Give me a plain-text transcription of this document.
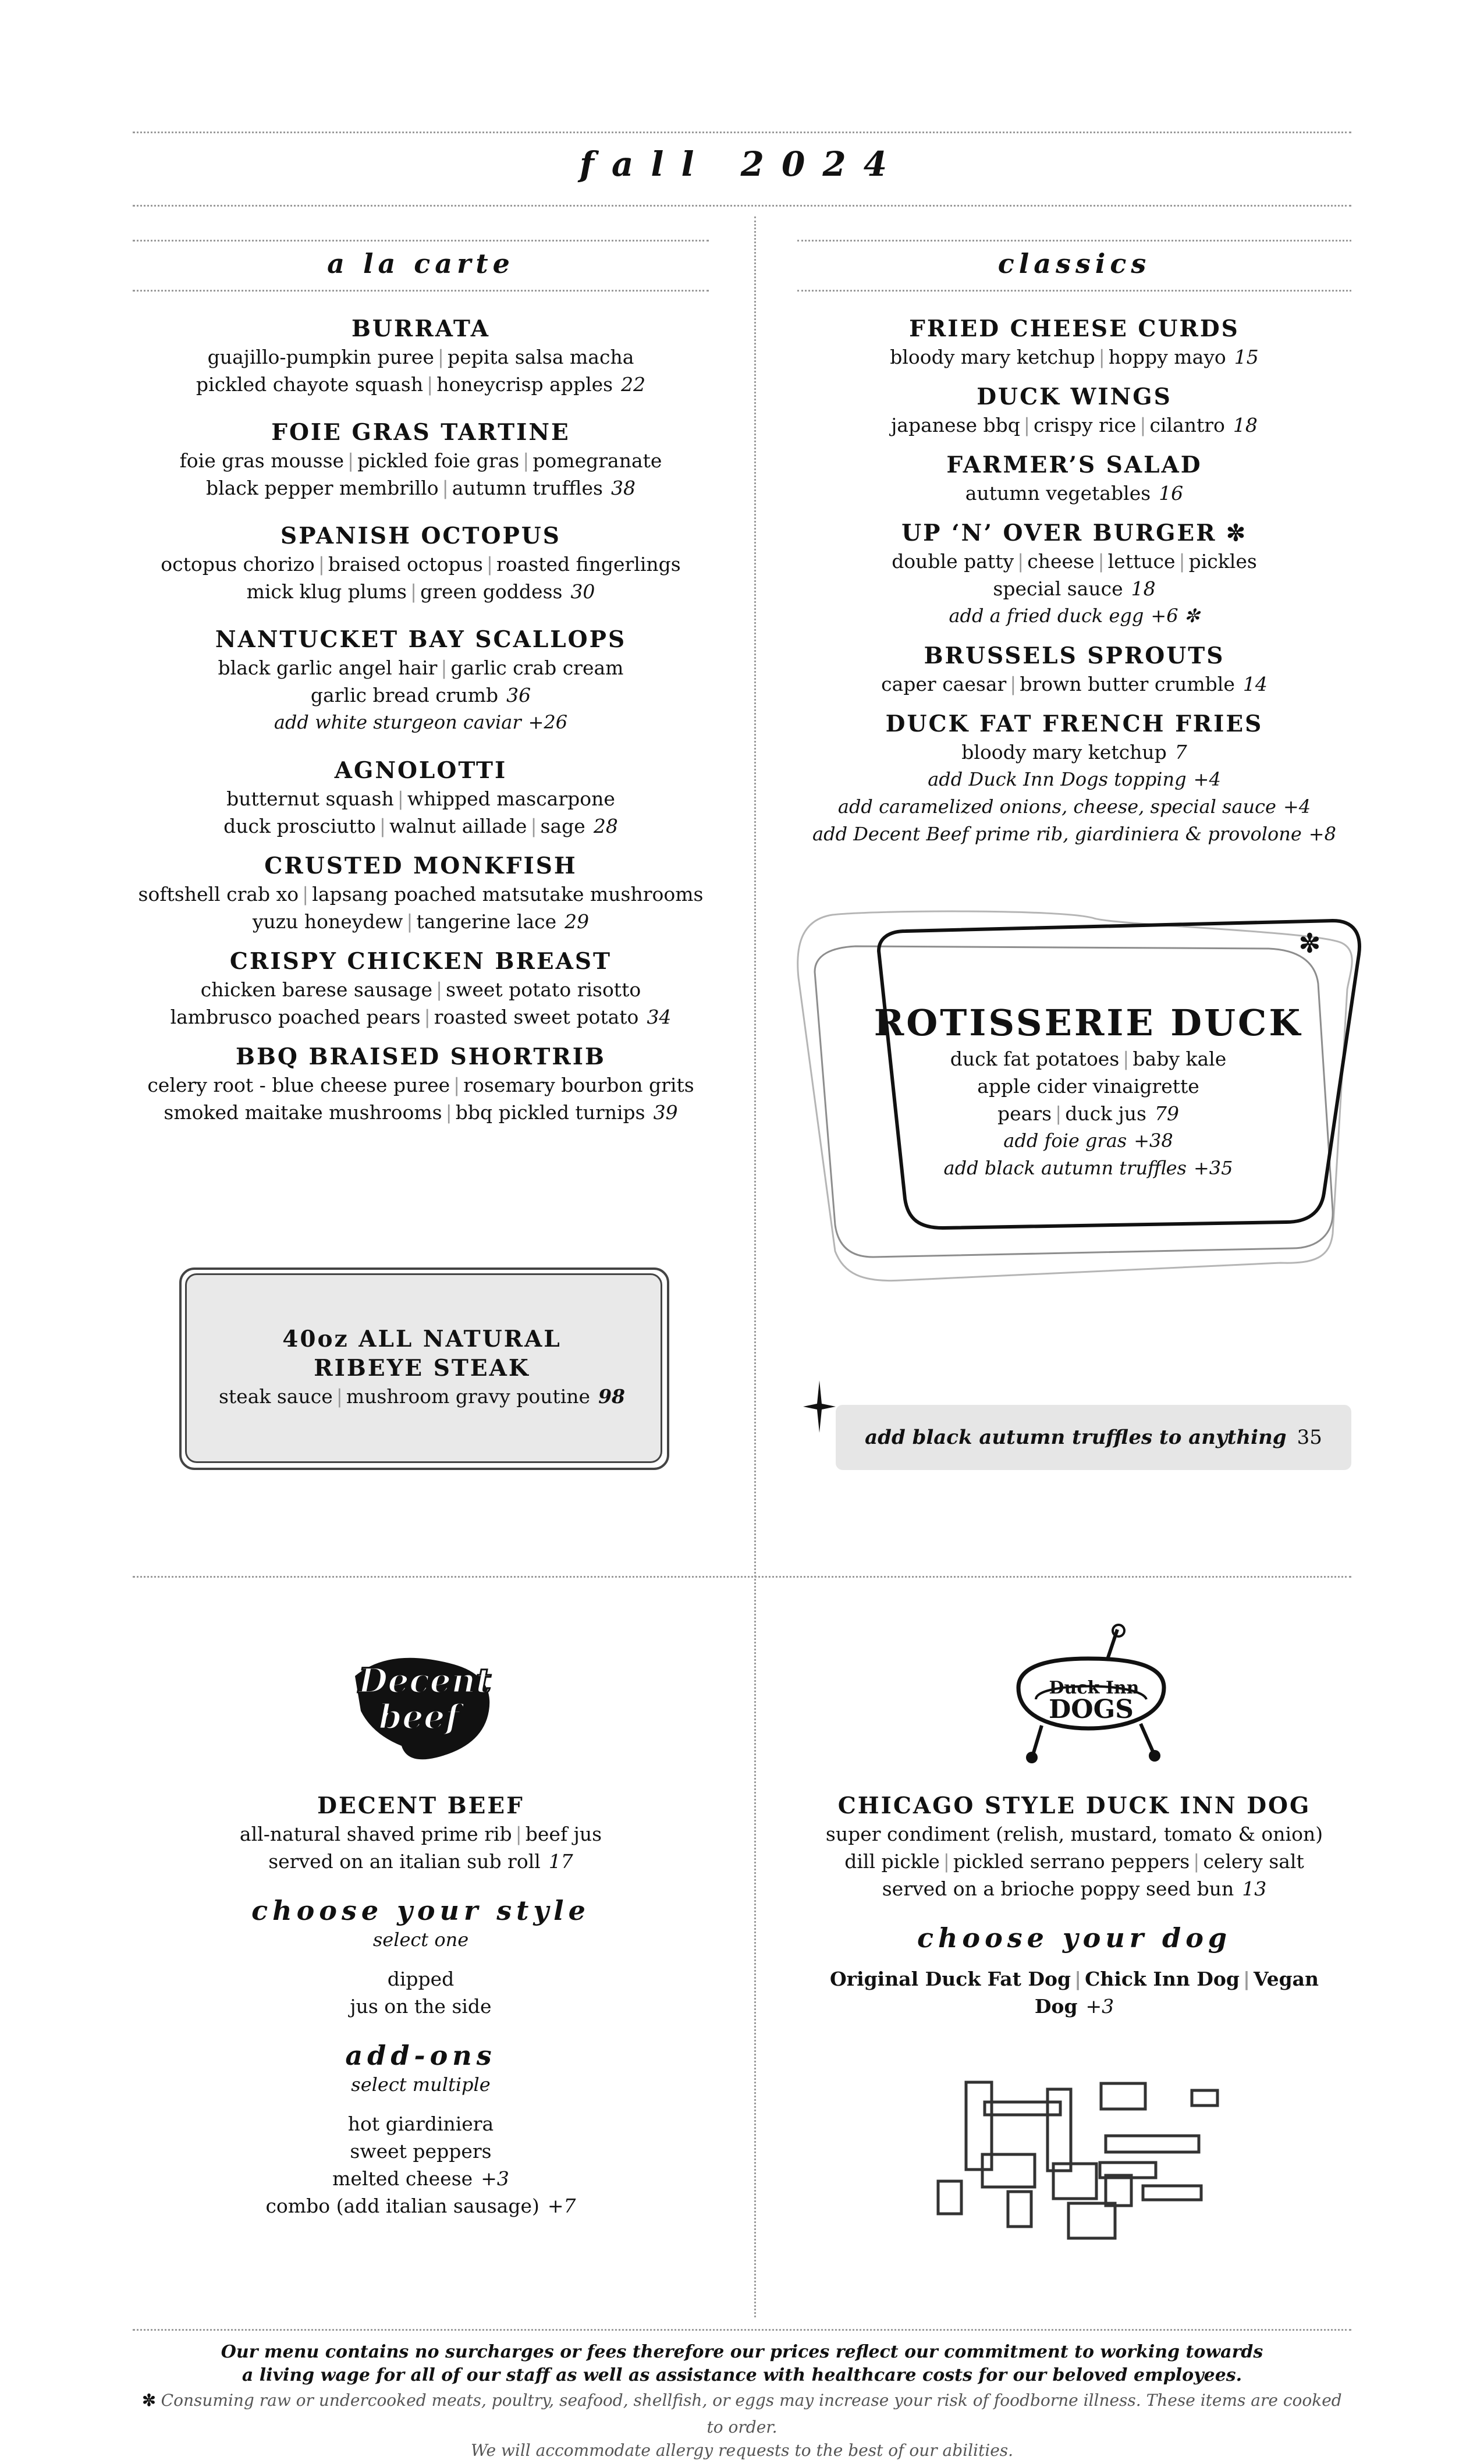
fall 2024
a la carte	classics
BURRATA
guajillo-pumpkin puree | pepita salsa macha
pickled chayote squash | honeycrisp apples 22
FOIE GRAS TARTINE
foie gras mousse | pickled foie gras | pomegranate
black pepper membrillo | autumn truffles 38
SPANISH OCTOPUS
octopus chorizo | braised octopus | roasted fingerlings
mick klug plums | green goddess 30
NANTUCKET BAY SCALLOPS
black garlic angel hair | garlic crab cream
garlic bread crumb 36
add white sturgeon caviar +26
AGNOLOTTI
butternut squash | whipped mascarpone
duck prosciutto | walnut aillade | sage 28
CRUSTED MONKFISH
softshell crab xo | lapsang poached matsutake mushrooms
yuzu honeydew | tangerine lace 29
CRISPY CHICKEN BREAST
chicken barese sausage | sweet potato risotto
lambrusco poached pears | roasted sweet potato 34
BBQ BRAISED SHORTRIB
celery root - blue cheese puree | rosemary bourbon grits
smoked maitake mushrooms | bbq pickled turnips 39
FRIED CHEESE CURDS
bloody mary ketchup | hoppy mayo 15
DUCK WINGS
japanese bbq | crispy rice | cilantro 18
FARMER’S SALAD
autumn vegetables 16
UP ‘N’ OVER BURGER ✼
double patty | cheese | lettuce | pickles
special sauce 18
add a fried duck egg +6 ✼
BRUSSELS SPROUTS
caper caesar | brown butter crumble 14
DUCK FAT FRENCH FRIES
bloody mary ketchup 7
add Duck Inn Dogs topping +4
add caramelized onions, cheese, special sauce +4
add Decent Beef prime rib, giardiniera & provolone +8
✼
ROTISSERIE DUCK
duck fat potatoes | baby kale
apple cider vinaigrette
pears | duck jus 79
add foie gras +38
add black autumn truffles +35
40oz ALL NATURAL
RIBEYE STEAK
steak sauce | mushroom gravy poutine 98
add black autumn truffles to anything 35
Decent
beef
Duck Inn
DOGS
DECENT BEEF
all-natural shaved prime rib | beef jus
served on an italian sub roll 17
choose your style
select one
dipped
jus on the side
add-ons
select multiple
hot giardiniera
sweet peppers
melted cheese +3
combo (add italian sausage) +7
CHICAGO STYLE DUCK INN DOG
super condiment (relish, mustard, tomato & onion)
dill pickle | pickled serrano peppers | celery salt
served on a brioche poppy seed bun 13
choose your dog
Original Duck Fat Dog | Chick Inn Dog | Vegan Dog +3
Our menu contains no surcharges or fees therefore our prices reflect our commitment to working towards
a living wage for all of our staff as well as assistance with healthcare costs for our beloved employees.
✼ Consuming raw or undercooked meats, poultry, seafood, shellfish, or eggs may increase your risk of foodborne illness. These items are cooked to order.
We will accommodate allergy requests to the best of our abilities.
